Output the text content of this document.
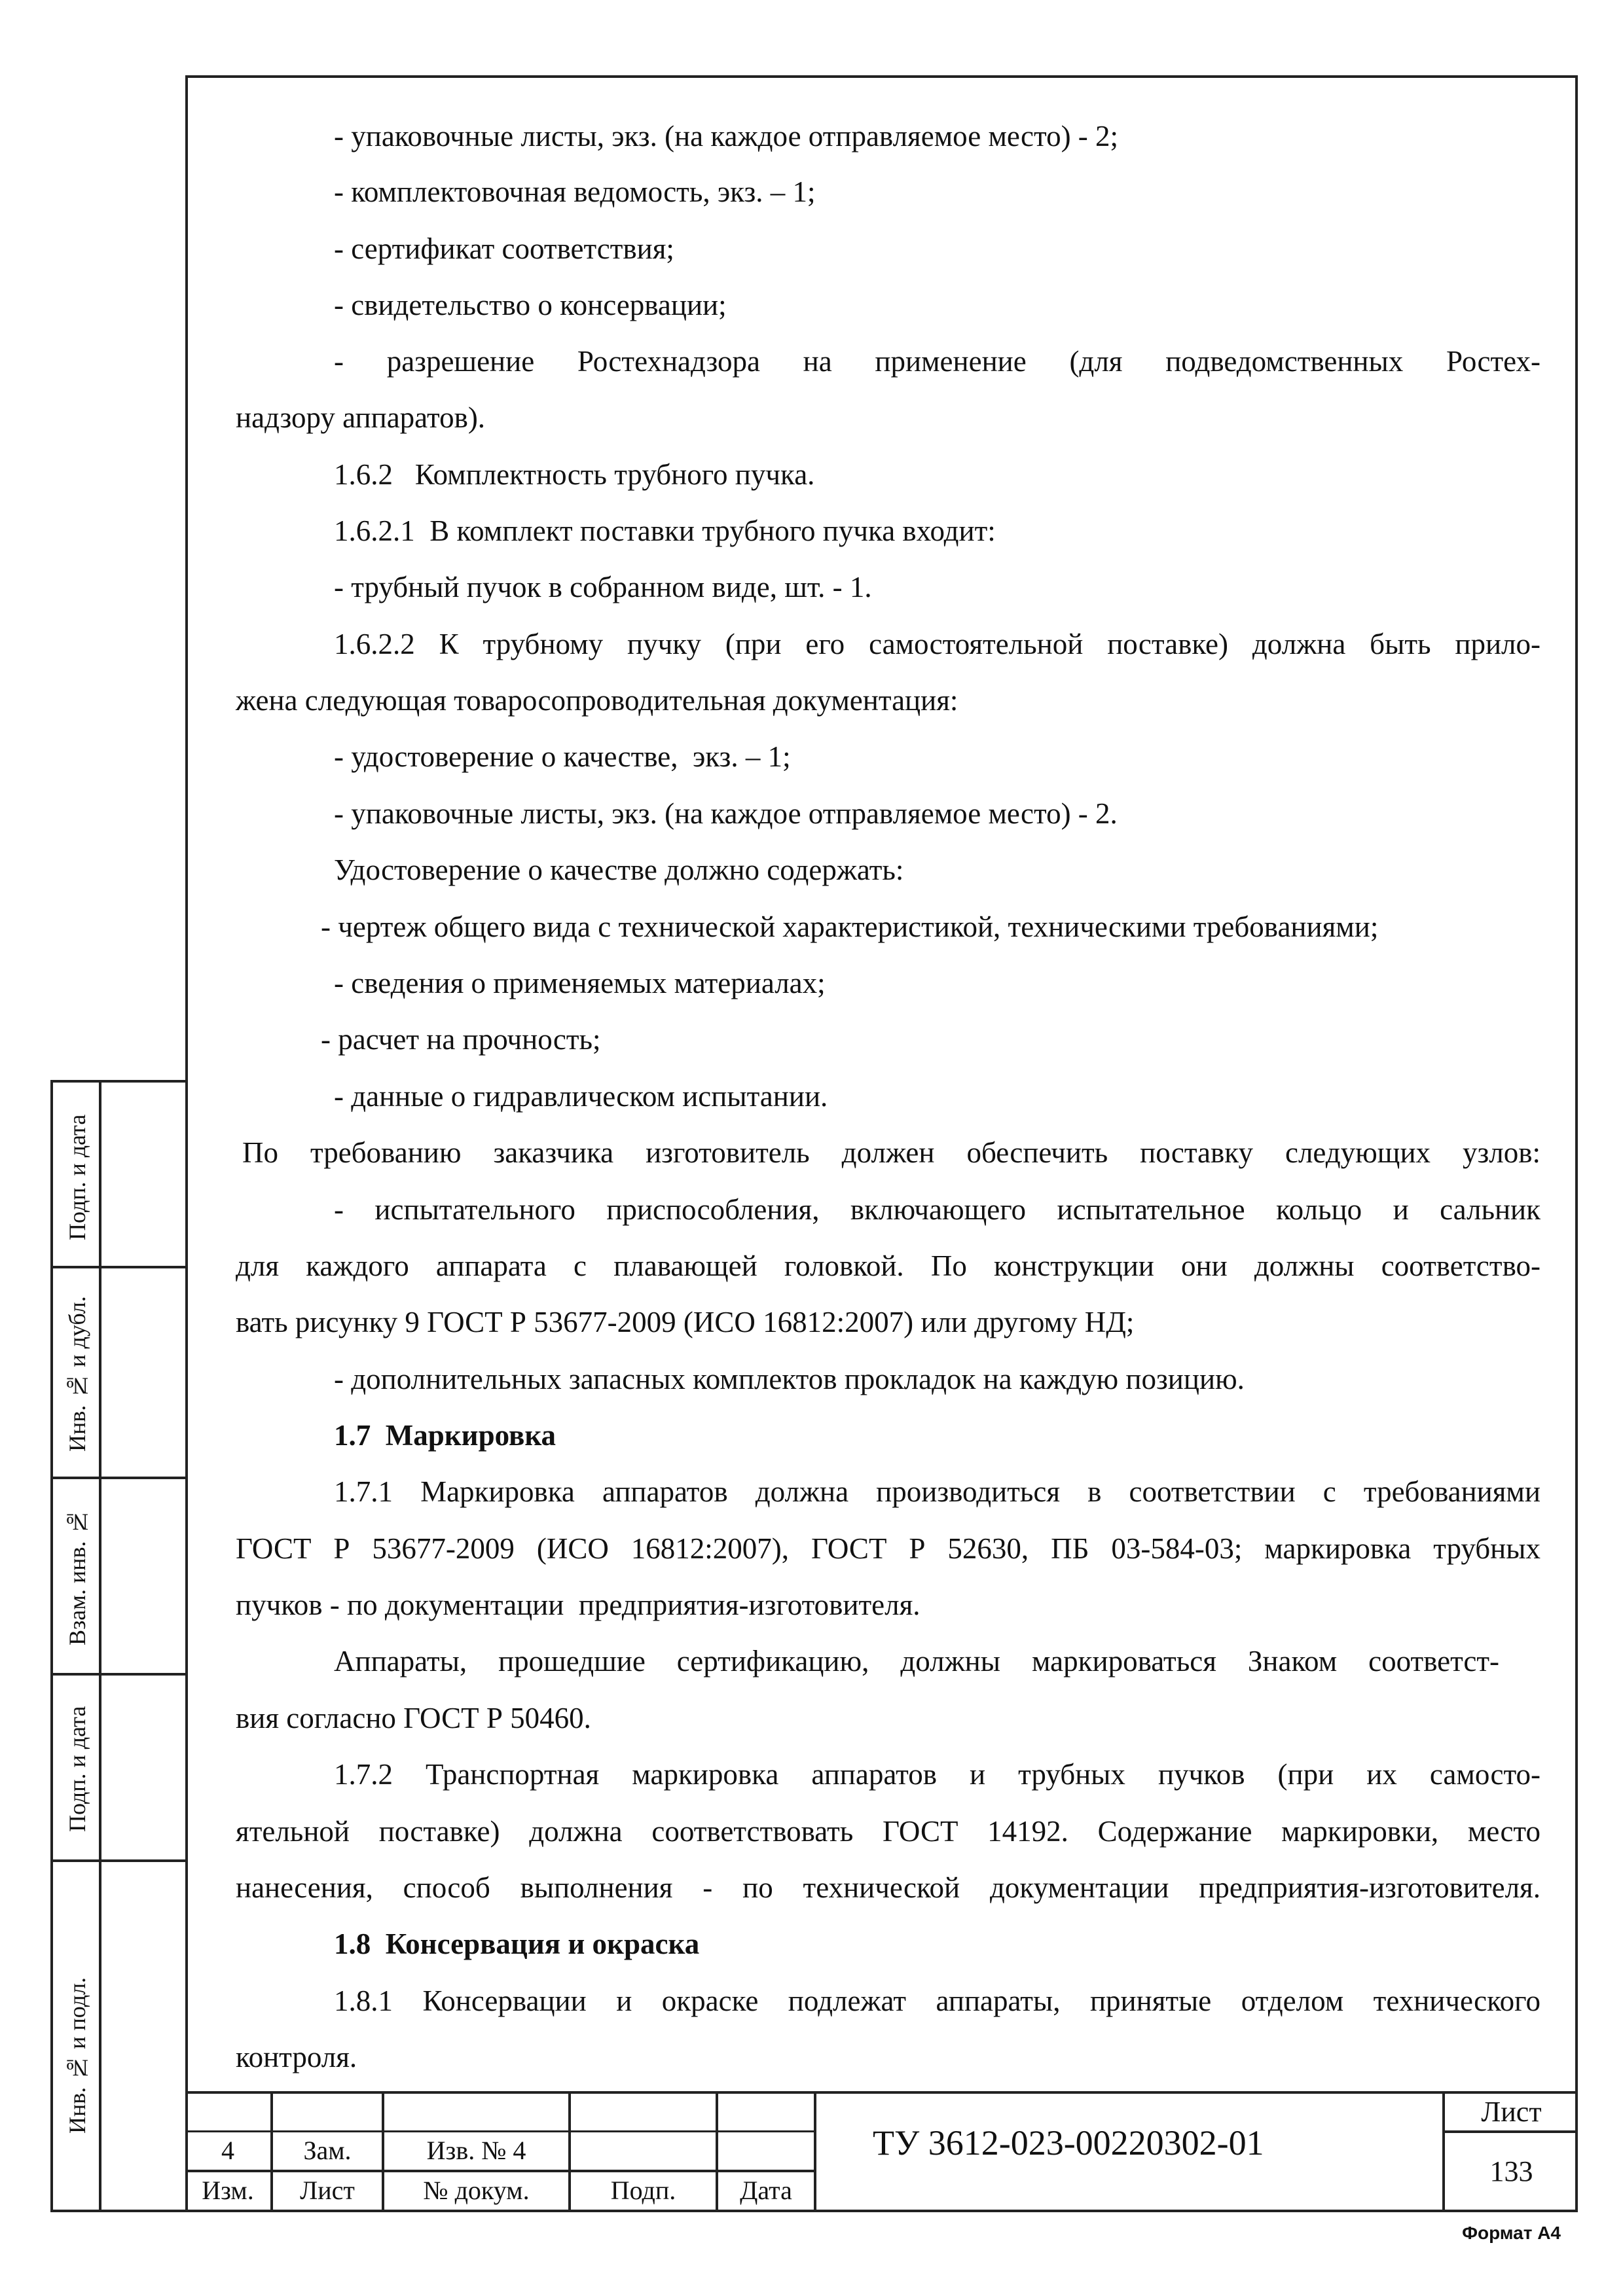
Подп. и дата
Инв. № и дубл.
Взам. инв. №
Подп. и дата
Инв. № и подл.
- упаковочные листы, экз. (на каждое отправляемое место) - 2;
- комплектовочная ведомость, экз. – 1;
- сертификат соответствия;
- свидетельство о консервации;
- разрешение Ростехнадзора на применение (для подведомственных Ростех-
надзору аппаратов).
1.6.2   Комплектность трубного пучка.
1.6.2.1  В комплект поставки трубного пучка входит:
- трубный пучок в собранном виде, шт. - 1.
1.6.2.2 К трубному пучку (при его самостоятельной поставке) должна быть прило-
жена следующая товаросопроводительная документация:
- удостоверение о качестве,  экз. – 1;
- упаковочные листы, экз. (на каждое отправляемое место) - 2.
Удостоверение о качестве должно содержать:
- чертеж общего вида с технической характеристикой, техническими требованиями;
- сведения о применяемых материалах;
- расчет на прочность;
- данные о гидравлическом испытании.
По требованию заказчика изготовитель должен обеспечить поставку следующих узлов:
- испытательного приспособления, включающего испытательное кольцо и сальник
для каждого аппарата с плавающей головкой. По конструкции они должны соответство-
вать рисунку 9 ГОСТ Р 53677-2009 (ИСО 16812:2007) или другому НД;
- дополнительных запасных комплектов прокладок на каждую позицию.
1.7  Маркировка
1.7.1 Маркировка аппаратов должна производиться в соответствии с требованиями
ГОСТ Р 53677-2009 (ИСО 16812:2007), ГОСТ Р 52630, ПБ 03-584-03; маркировка трубных
пучков - по документации  предприятия-изготовителя.
Аппараты, прошедшие сертификацию, должны маркироваться Знаком соответст-
вия согласно ГОСТ Р 50460.
1.7.2 Транспортная маркировка аппаратов и трубных пучков (при их самосто-
ятельной поставке) должна соответствовать ГОСТ 14192. Содержание маркировки, место
нанесения, способ выполнения - по технической документации предприятия-изготовителя.
1.8  Консервация и окраска
1.8.1 Консервации и окраске подлежат аппараты, принятые отделом технического
контроля.
4	Зам.	Изв. № 4
Изм.	Лист	№ докум.	Подп.	Дата
ТУ 3612-023-00220302-01
Лист
133
Формат А4
